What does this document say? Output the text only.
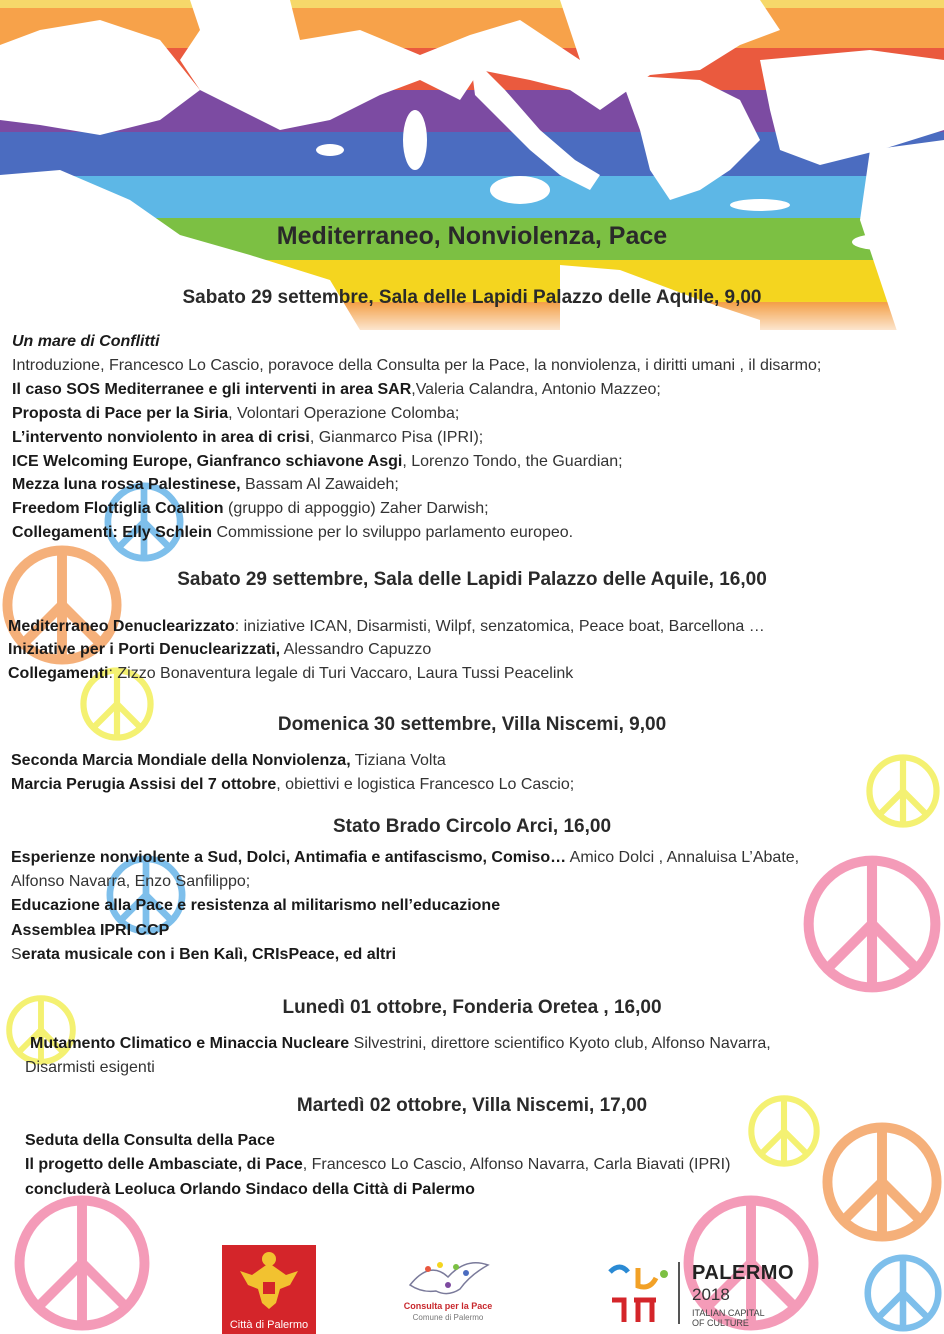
Mediterraneo, Nonviolenza, Pace
Sabato 29 settembre, Sala delle Lapidi Palazzo delle Aquile, 9,00
Un mare di Conflitti
Introduzione, Francesco Lo Cascio, poravoce della Consulta per la Pace, la nonviolenza, i diritti umani , il disarmo;
Il caso SOS Mediterranee e gli interventi in area SAR,Valeria Calandra, Antonio Mazzeo;
Proposta di Pace per la Siria, Volontari Operazione Colomba;
L’intervento nonviolento in area di crisi, Gianmarco Pisa (IPRI);
ICE Welcoming Europe, Gianfranco schiavone Asgi, Lorenzo Tondo, the Guardian;
Mezza luna rossa Palestinese, Bassam Al Zawaideh;
Freedom Flottiglia Coalition (gruppo di appoggio) Zaher Darwish;
Collegamenti: Elly Schlein Commissione per lo sviluppo parlamento europeo.
Sabato 29 settembre, Sala delle Lapidi Palazzo delle Aquile, 16,00
Mediterraneo Denuclearizzato: iniziative ICAN, Disarmisti, Wilpf, senzatomica, Peace boat, Barcellona …
Iniziative per i Porti Denuclearizzati, Alessandro Capuzzo
Collegamenti: Zizzo Bonaventura legale di Turi Vaccaro, Laura Tussi Peacelink
Domenica 30 settembre, Villa Niscemi, 9,00
Seconda Marcia Mondiale della Nonviolenza, Tiziana Volta
Marcia Perugia Assisi del 7 ottobre, obiettivi e logistica Francesco Lo Cascio;
Stato Brado Circolo Arci, 16,00
Esperienze nonviolente a Sud, Dolci, Antimafia e antifascismo, Comiso… Amico Dolci , Annaluisa L’Abate,
Alfonso Navarra, Enzo Sanfilippo;
Educazione alla Pace e resistenza al militarismo nell’educazione
Assemblea IPRI CCP
Serata musicale con i Ben Kalì, CRIsPeace, ed altri
Lunedì 01 ottobre, Fonderia Oretea , 16,00
Mutamento Climatico e Minaccia Nucleare Silvestrini, direttore scientifico Kyoto club, Alfonso Navarra,
Disarmisti esigenti
Martedì 02 ottobre, Villa Niscemi, 17,00
Seduta della Consulta della Pace
Il progetto delle Ambasciate, di Pace, Francesco Lo Cascio, Alfonso Navarra, Carla Biavati (IPRI)
concluderà Leoluca Orlando Sindaco della Città di Palermo
Città di Palermo
Consulta per la Pace
Comune di Palermo
PALERMO
2018
ITALIAN CAPITAL
OF CULTURE
